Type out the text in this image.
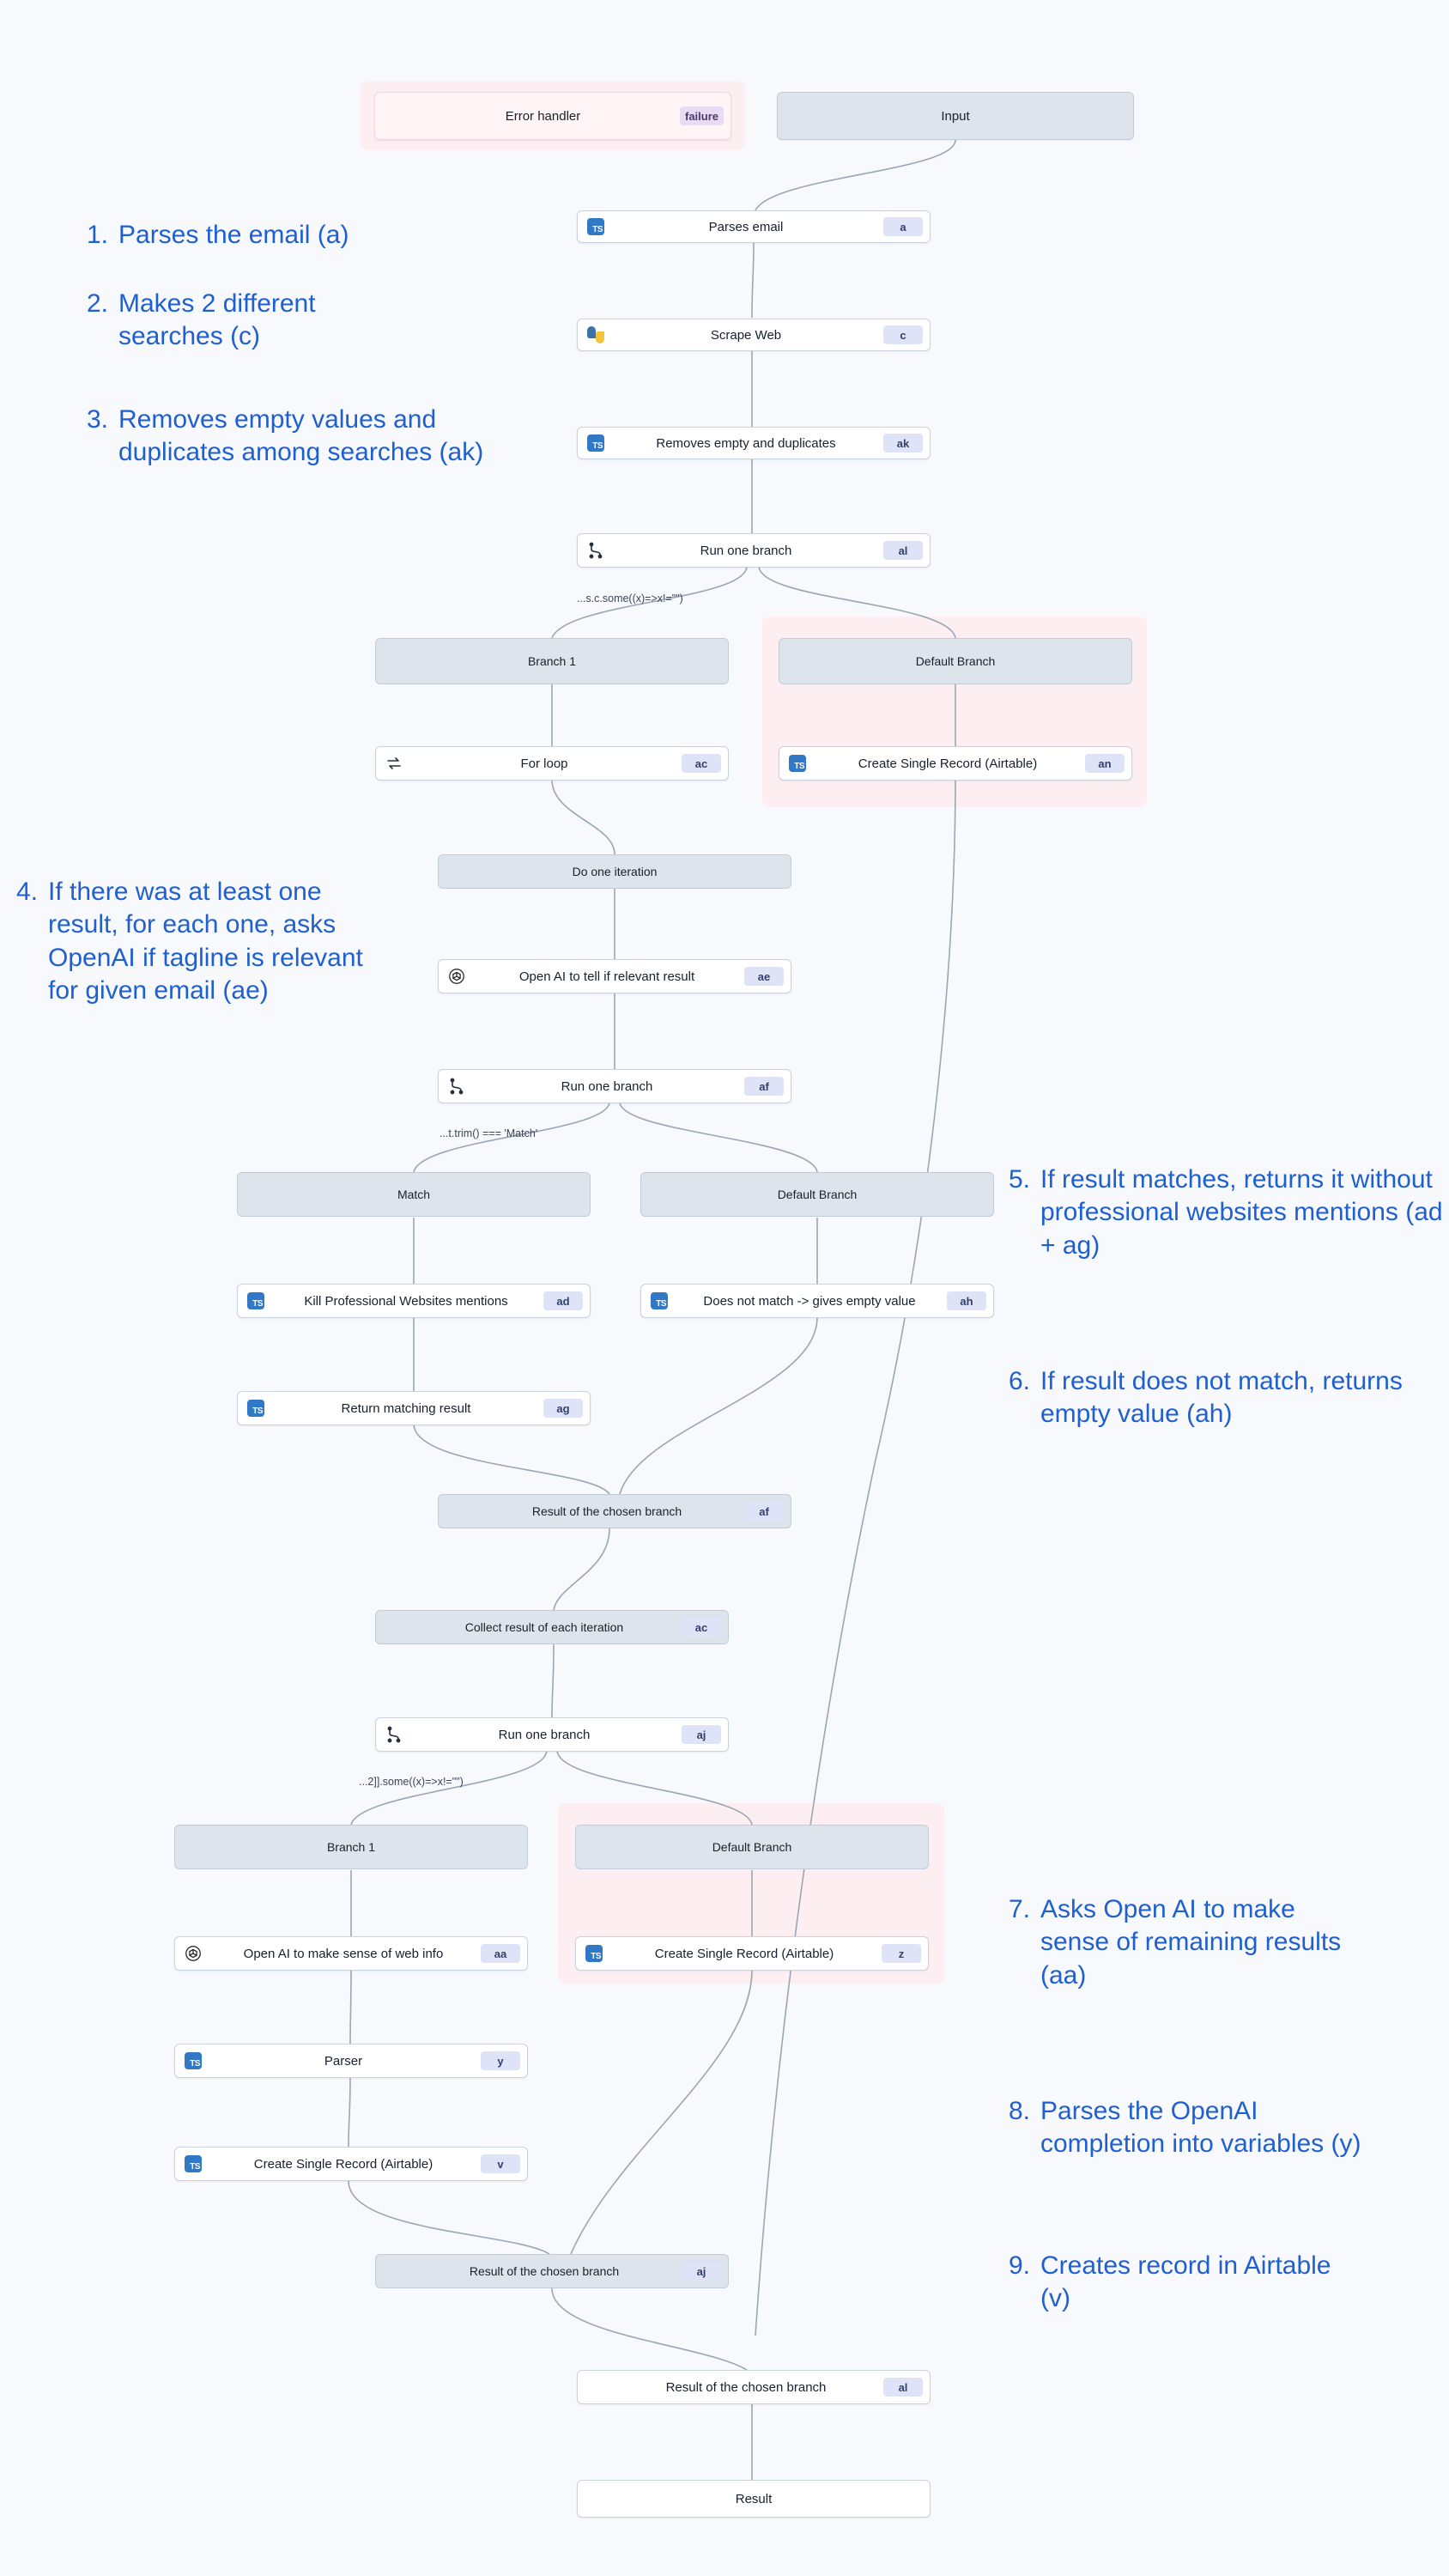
Error handler	failure	Input
TS	Parses email	a
Scrape Web	c
TS	Removes empty and duplicates	ak
Run one branch	al
...s.c.some((x)=>x!="")
Branch 1	Default Branch
For loop	ac	TS	Create Single Record (Airtable)	an
Do one iteration
Open AI to tell if relevant result	ae
Run one branch	af
...t.trim() === 'Match'
Match	Default Branch
TS	Kill Professional Websites mentions	ad	TS	Does not match -> gives empty value	ah
TS	Return matching result	ag
Result of the chosen branch	af
Collect result of each iteration	ac
Run one branch	aj
...2]].some((x)=>x!="")
Branch 1	Default Branch
Open AI to make sense of web info	aa	TS	Create Single Record (Airtable)	z
TS	Parser	y
TS	Create Single Record (Airtable)	v
Result of the chosen branch	aj
Result of the chosen branch	al
Result
1. Parses the email (a)
2. Makes 2 different searches (c)
3. Removes empty values and duplicates among searches (ak)
4. If there was at least one result, for each one, asks OpenAI if tagline is relevant for given email (ae)
5. If result matches, returns it without professional websites mentions (ad + ag)
6. If result does not match, returns empty value (ah)
7. Asks Open AI to make sense of remaining results (aa)
8. Parses the OpenAI completion into variables (y)
9. Creates record in Airtable (v)
